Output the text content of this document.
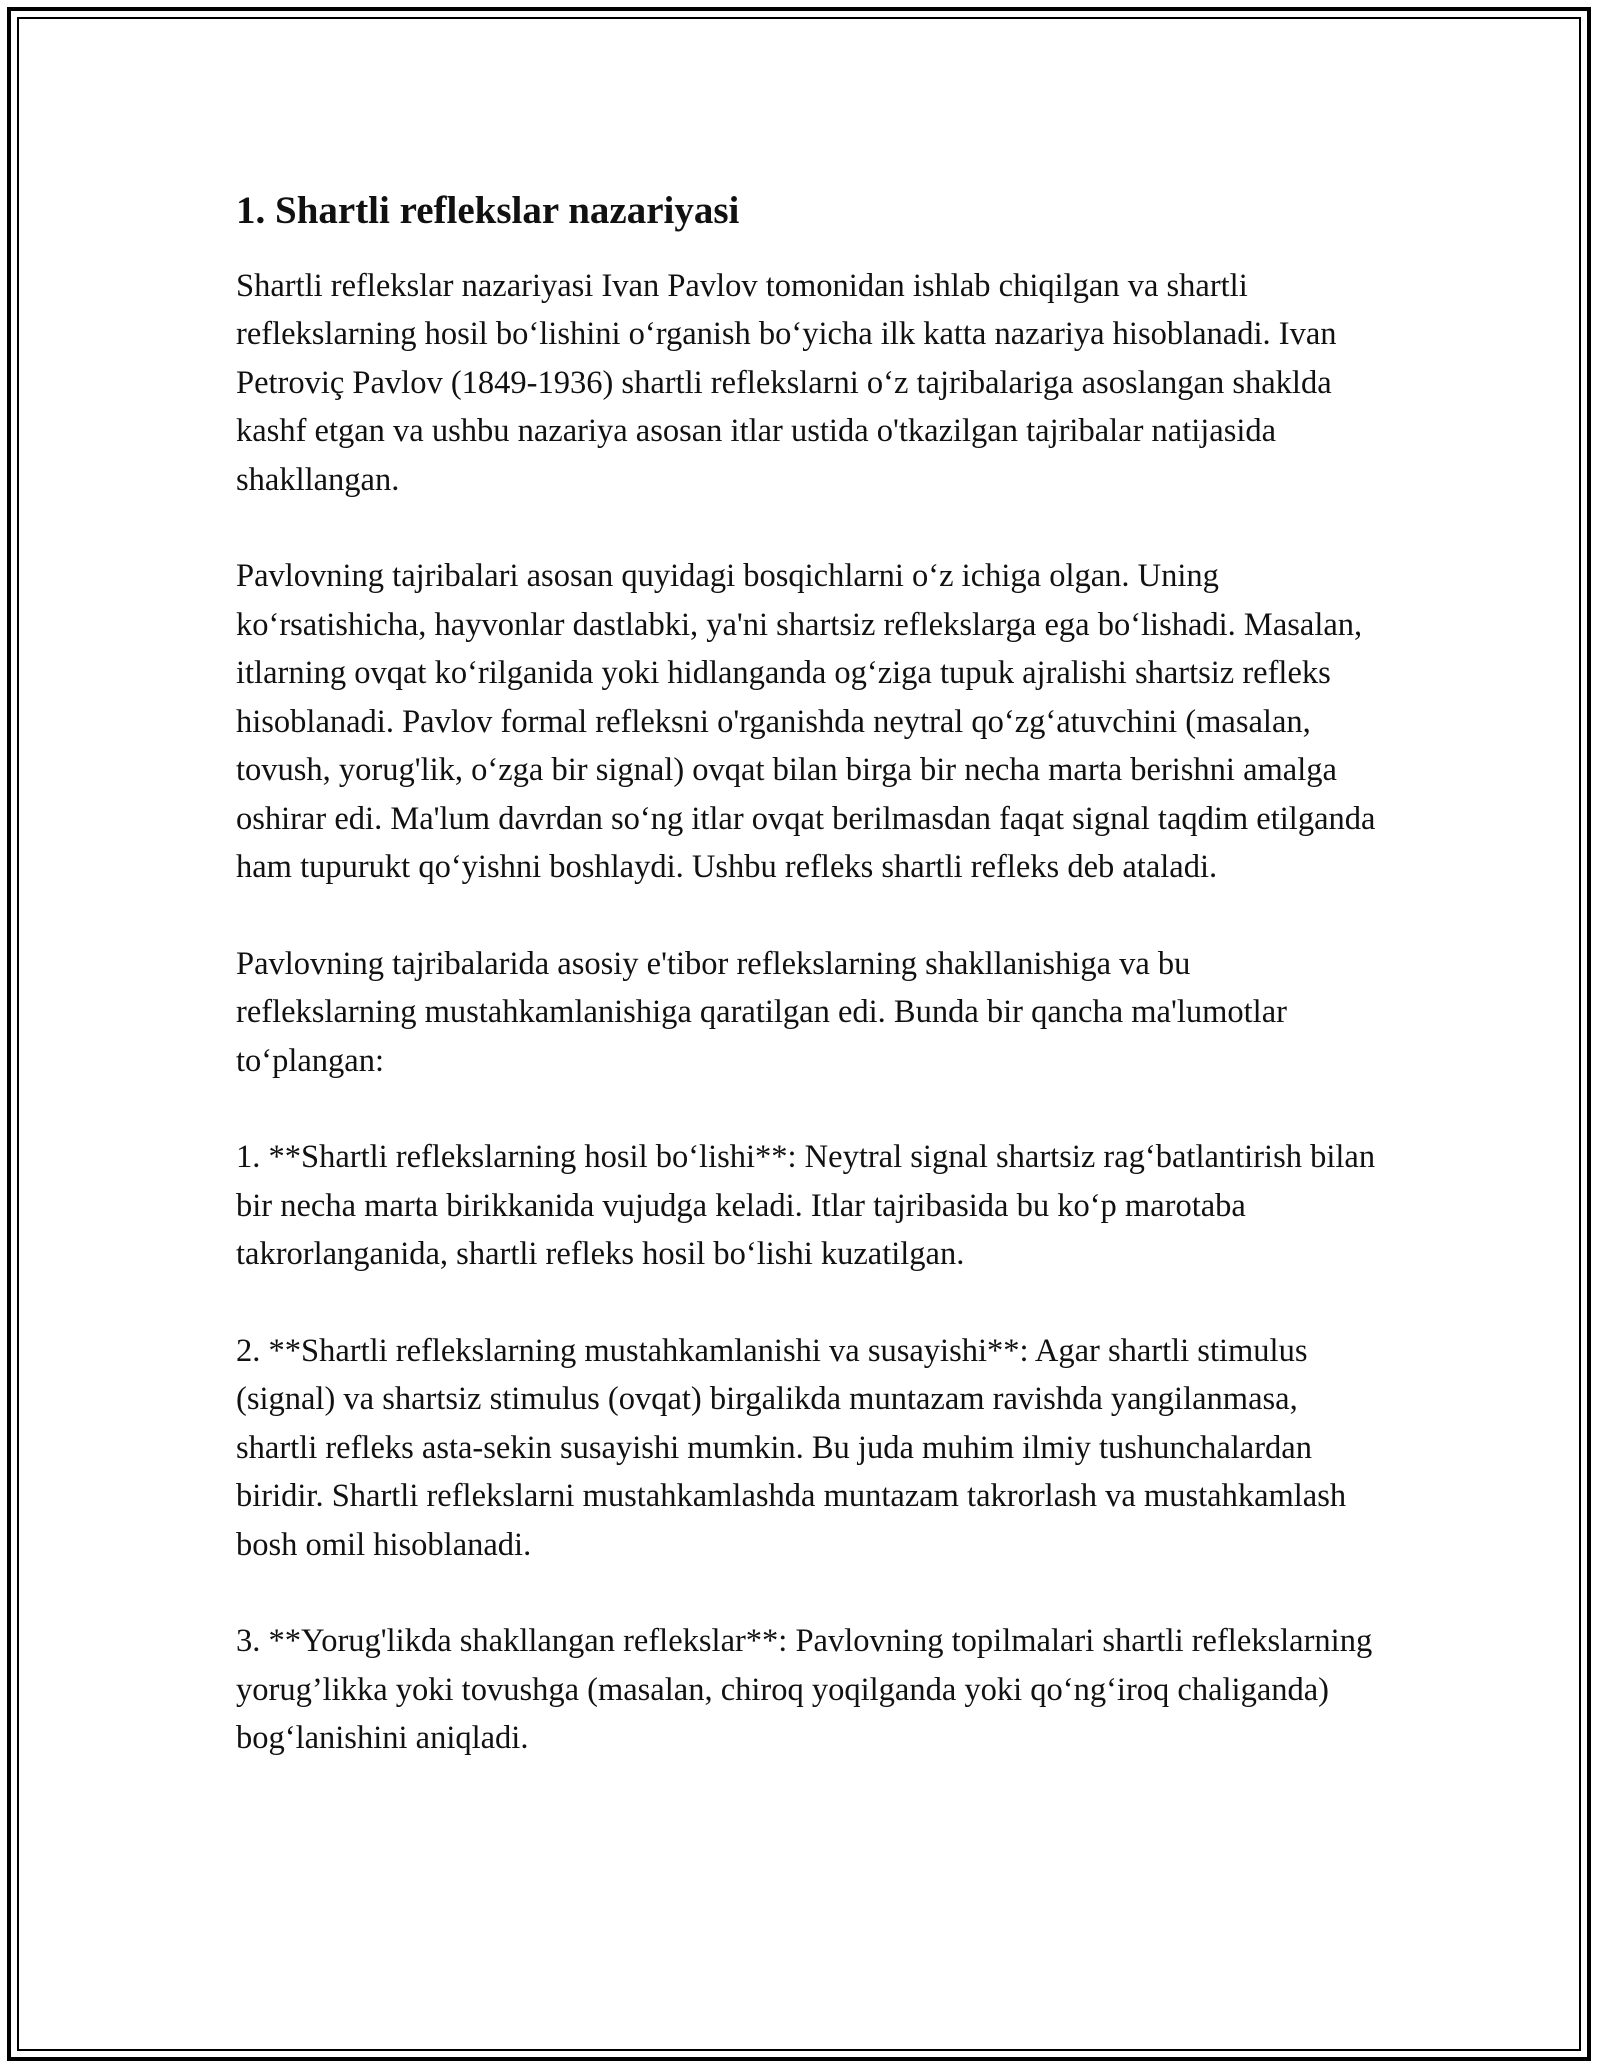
1. Shartli reflekslar nazariyasi

Shartli reflekslar nazariyasi Ivan Pavlov tomonidan ishlab chiqilgan va shartli reflekslarning hosil boʻlishini oʻrganish boʻyicha ilk katta nazariya hisoblanadi. Ivan Petroviç Pavlov (1849-1936) shartli reflekslarni oʻz tajribalariga asoslangan shaklda kashf etgan va ushbu nazariya asosan itlar ustida o'tkazilgan tajribalar natijasida shakllangan.

Pavlovning tajribalari asosan quyidagi bosqichlarni oʻz ichiga olgan. Uning koʻrsatishicha, hayvonlar dastlabki, ya'ni shartsiz reflekslarga ega boʻlishadi. Masalan, itlarning ovqat koʻrilganida yoki hidlanganda ogʻziga tupuk ajralishi shartsiz refleks hisoblanadi. Pavlov formal refleksni o'rganishda neytral qoʻzgʻatuvchini (masalan, tovush, yorug'lik, oʻzga bir signal) ovqat bilan birga bir necha marta berishni amalga oshirar edi. Ma'lum davrdan soʻng itlar ovqat berilmasdan faqat signal taqdim etilganda ham tupurukt qoʻyishni boshlaydi. Ushbu refleks shartli refleks deb ataladi.

Pavlovning tajribalarida asosiy e'tibor reflekslarning shakllanishiga va bu reflekslarning mustahkamlanishiga qaratilgan edi. Bunda bir qancha ma'lumotlar toʻplangan:

1. **Shartli reflekslarning hosil boʻlishi**: Neytral signal shartsiz ragʻbatlantirish bilan bir necha marta birikkanida vujudga keladi. Itlar tajribasida bu koʻp marotaba takrorlanganida, shartli refleks hosil boʻlishi kuzatilgan.

2. **Shartli reflekslarning mustahkamlanishi va susayishi**: Agar shartli stimulus (signal) va shartsiz stimulus (ovqat) birgalikda muntazam ravishda yangilanmasa, shartli refleks asta-sekin susayishi mumkin. Bu juda muhim ilmiy tushunchalardan biridir. Shartli reflekslarni mustahkamlashda muntazam takrorlash va mustahkamlash bosh omil hisoblanadi.

3. **Yorug'likda shakllangan reflekslar**: Pavlovning topilmalari shartli reflekslarning yorug’likka yoki tovushga (masalan, chiroq yoqilganda yoki qoʻngʻiroq chaliganda) bogʻlanishini aniqladi.
